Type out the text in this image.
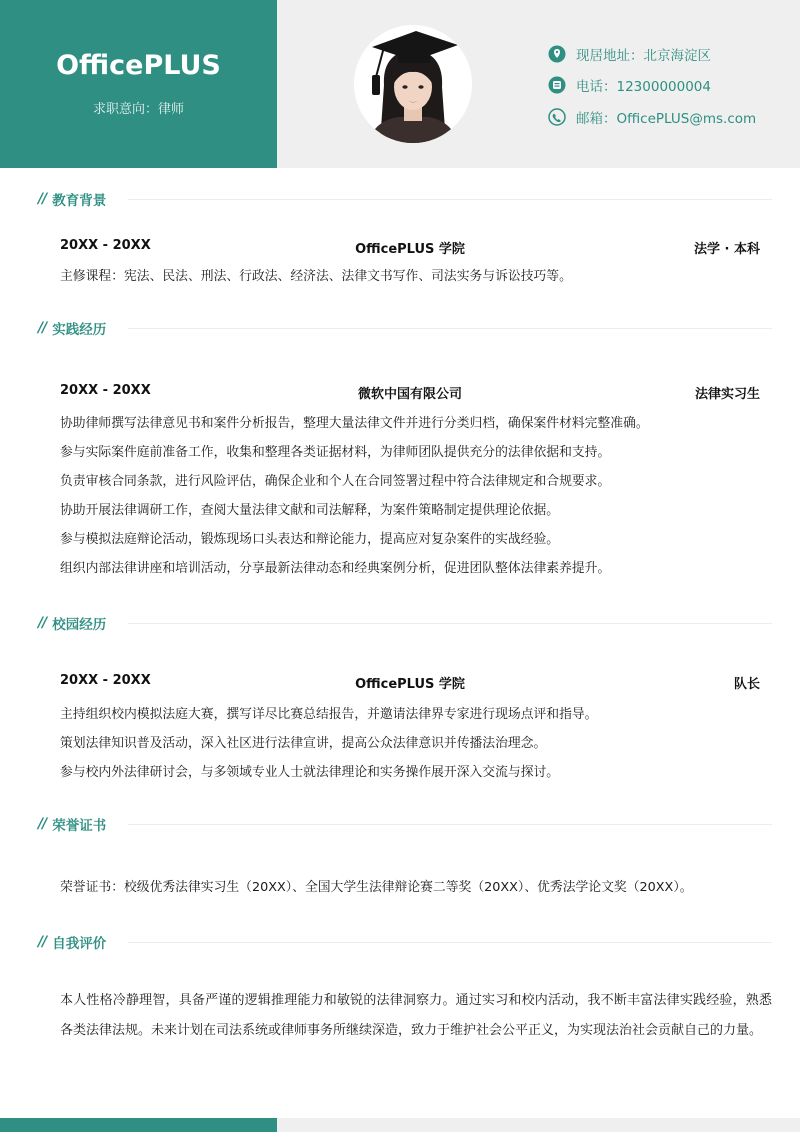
OfficePLUS
求职意向：律师
现居地址：北京海淀区
电话：12300000004
邮箱：OfficePLUS@ms.com
// 教育背景
20XX - 20XX	OfficePLUS 学院	法学 · 本科
主修课程：宪法、民法、刑法、行政法、经济法、法律文书写作、司法实务与诉讼技巧等。
// 实践经历
20XX - 20XX	微软中国有限公司	法律实习生
协助律师撰写法律意见书和案件分析报告，整理大量法律文件并进行分类归档，确保案件材料完整准确。
参与实际案件庭前准备工作，收集和整理各类证据材料，为律师团队提供充分的法律依据和支持。
负责审核合同条款，进行风险评估，确保企业和个人在合同签署过程中符合法律规定和合规要求。
协助开展法律调研工作，查阅大量法律文献和司法解释，为案件策略制定提供理论依据。
参与模拟法庭辩论活动，锻炼现场口头表达和辩论能力，提高应对复杂案件的实战经验。
组织内部法律讲座和培训活动，分享最新法律动态和经典案例分析，促进团队整体法律素养提升。
// 校园经历
20XX - 20XX	OfficePLUS 学院	队长
主持组织校内模拟法庭大赛，撰写详尽比赛总结报告，并邀请法律界专家进行现场点评和指导。
策划法律知识普及活动，深入社区进行法律宣讲，提高公众法律意识并传播法治理念。
参与校内外法律研讨会，与多领域专业人士就法律理论和实务操作展开深入交流与探讨。
// 荣誉证书
荣誉证书：校级优秀法律实习生（20XX）、全国大学生法律辩论赛二等奖（20XX）、优秀法学论文奖（20XX）。
// 自我评价
本人性格冷静理智，具备严谨的逻辑推理能力和敏锐的法律洞察力。通过实习和校内活动，我不断丰富法律实践经验，熟悉各类法律法规。未来计划在司法系统或律师事务所继续深造，致力于维护社会公平正义，为实现法治社会贡献自己的力量。
